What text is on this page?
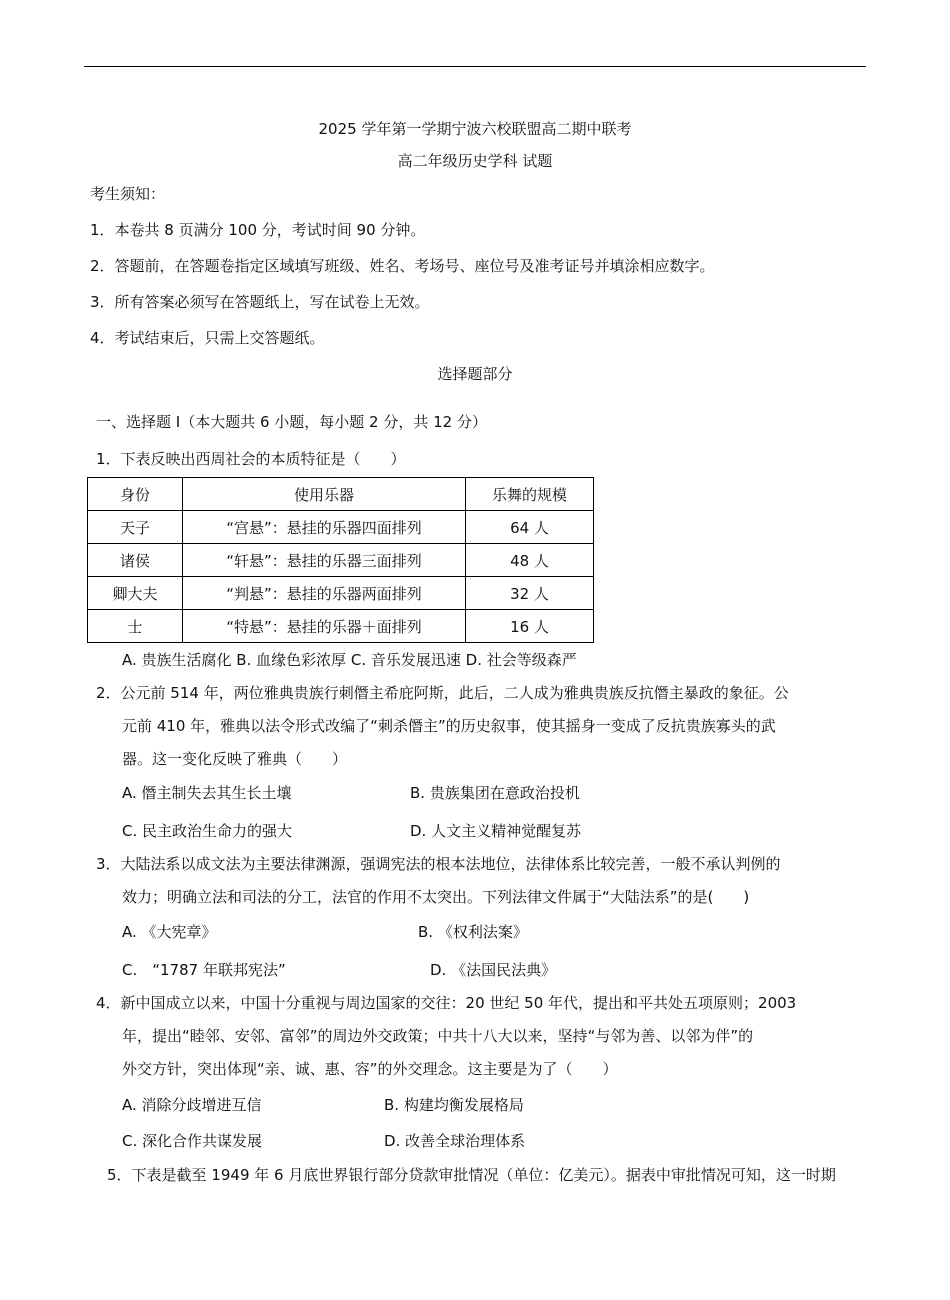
2025 学年第一学期宁波六校联盟高二期中联考
高二年级历史学科 试题
考生须知：
1．本卷共 8 页满分 100 分，考试时间 90 分钟。
2．答题前，在答题卷指定区域填写班级、姓名、考场号、座位号及准考证号并填涂相应数字。
3．所有答案必须写在答题纸上，写在试卷上无效。
4．考试结束后，只需上交答题纸。
选择题部分
一、选择题 I（本大题共 6 小题，每小题 2 分，共 12 分）
1．下表反映出西周社会的本质特征是（　　）
身份	使用乐器	乐舞的规模
天子	“宫悬”：悬挂的乐器四面排列	64 人
诸侯	“轩悬”：悬挂的乐器三面排列	48 人
卿大夫	“判悬”：悬挂的乐器两面排列	32 人
士	“特悬”：悬挂的乐器＋面排列	16 人
A. 贵族生活腐化 B. 血缘色彩浓厚 C. 音乐发展迅速 D. 社会等级森严
2．公元前 514 年，两位雅典贵族行刺僭主希庇阿斯，此后，二人成为雅典贵族反抗僭主暴政的象征。公
元前 410 年，雅典以法令形式改编了“刺杀僭主”的历史叙事，使其摇身一变成了反抗贵族寡头的武
器。这一变化反映了雅典（　　）
A. 僭主制失去其生长土壤	B. 贵族集团在意政治投机
C. 民主政治生命力的强大	D. 人文主义精神觉醒复苏
3．大陆法系以成文法为主要法律渊源，强调宪法的根本法地位，法律体系比较完善，一般不承认判例的
效力；明确立法和司法的分工，法官的作用不太突出。下列法律文件属于“大陆法系”的是(　　)
A. 《大宪章》	B. 《权利法案》
C.　“1787 年联邦宪法”	D. 《法国民法典》
4．新中国成立以来，中国十分重视与周边国家的交往：20 世纪 50 年代，提出和平共处五项原则；2003
年，提出“睦邻、安邻、富邻”的周边外交政策；中共十八大以来，坚持“与邻为善、以邻为伴”的
外交方针，突出体现“亲、诚、惠、容”的外交理念。这主要是为了（　　）
A. 消除分歧增进互信	B. 构建均衡发展格局
C. 深化合作共谋发展	D. 改善全球治理体系
5．下表是截至 1949 年 6 月底世界银行部分贷款审批情况（单位：亿美元）。据表中审批情况可知，这一时期
